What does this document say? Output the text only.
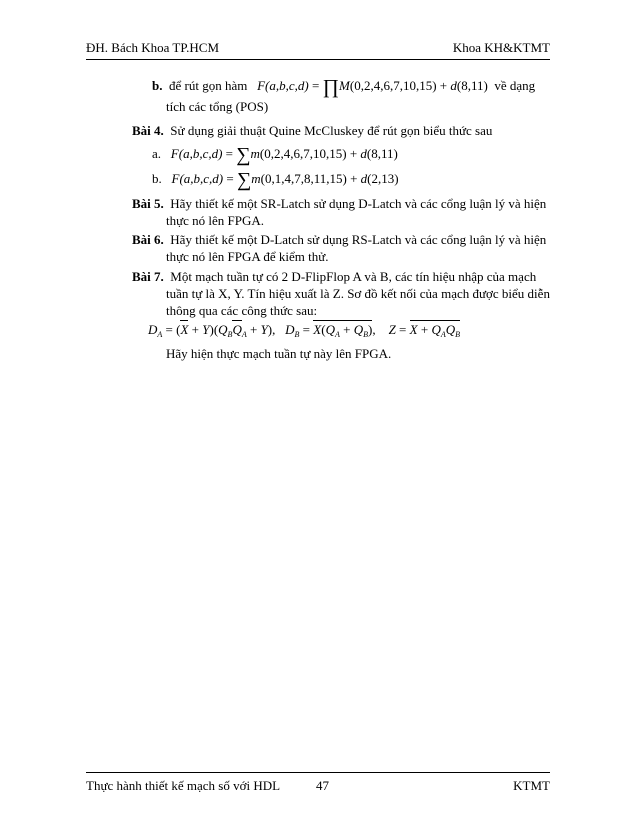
ĐH. Bách Khoa TP.HCM	Khoa KH&KTMT
b. để rút gọn hàm F(a,b,c,d) = ∏M(0,2,4,6,7,10,15) + d(8,11) về dạng
tích các tổng (POS)
Bài 4. Sử dụng giải thuật Quine McCluskey để rút gọn biểu thức sau
a. F(a,b,c,d) = ∑m(0,2,4,6,7,10,15) + d(8,11)
b. F(a,b,c,d) = ∑m(0,1,4,7,8,11,15) + d(2,13)
Bài 5. Hãy thiết kế một SR-Latch sử dụng D-Latch và các cổng luận lý và hiện
thực nó lên FPGA.
Bài 6. Hãy thiết kế một D-Latch sử dụng RS-Latch và các cổng luận lý và hiện
thực nó lên FPGA để kiểm thử.
Bài 7. Một mạch tuần tự có 2 D-FlipFlop A và B, các tín hiệu nhập của mạch
tuần tự là X, Y. Tín hiệu xuất là Z. Sơ đồ kết nối của mạch được biểu diễn
thông qua các công thức sau:
$D_A = (X + Y)(Q_BQ_A + Y)$,   $D_B = X(Q_A + Q_B)$,    $Z = X + Q_AQ_B$
Hãy hiện thực mạch tuần tự này lên FPGA.
Thực hành thiết kế mạch số với HDL	47	KTMT
